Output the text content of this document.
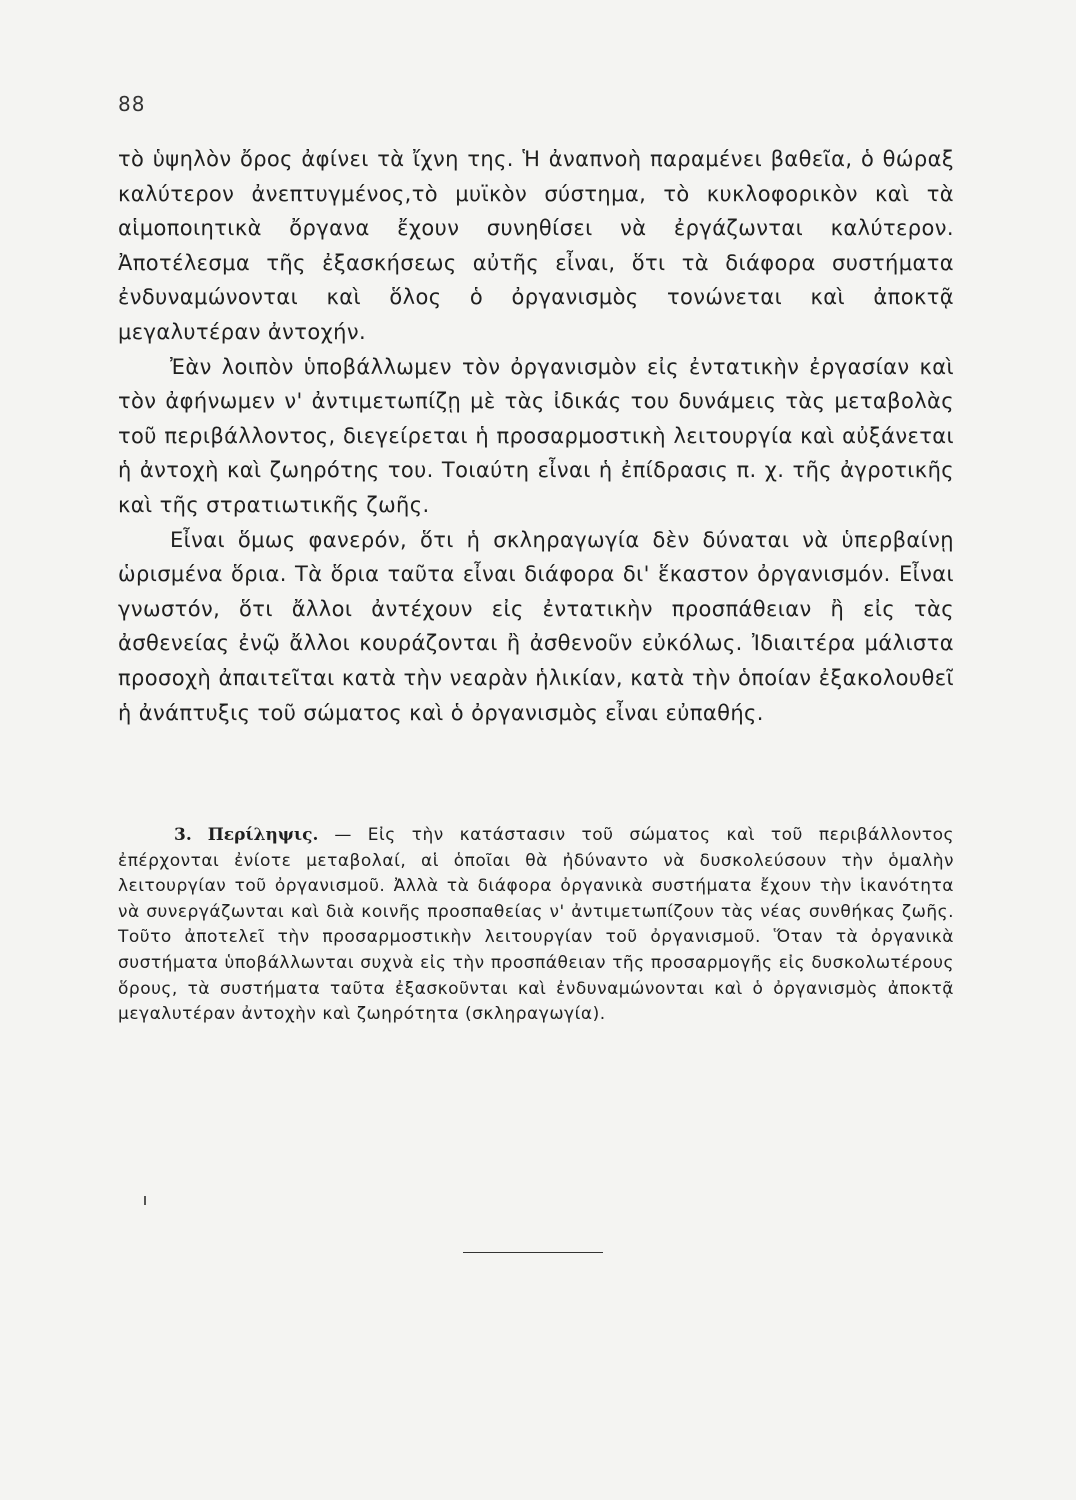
88

τὸ ὑψηλὸν ὄρος ἀφίνει τὰ ἴχνη της. Ἡ ἀναπνοὴ παραμένει βαθεῖα, ὁ θώραξ καλύτερον ἀνεπτυγμένος,τὸ μυϊκὸν σύστημα, τὸ κυκλοφορικὸν καὶ τὰ αἱμοποιητικὰ ὄργανα ἔχουν συνηθίσει νὰ ἐργάζωνται καλύτερον. Ἀποτέλεσμα τῆς ἐξασκήσεως αὐτῆς εἶναι, ὅτι τὰ διάφορα συστήματα ἐνδυναμώνονται καὶ ὅλος ὁ ὀργανισμὸς τονώνεται καὶ ἀποκτᾷ μεγαλυτέραν ἀντοχήν.

Ἐὰν λοιπὸν ὑποβάλλωμεν τὸν ὀργανισμὸν εἰς ἐντατικὴν ἐργασίαν καὶ τὸν ἀφήνωμεν ν' ἀντιμετωπίζῃ μὲ τὰς ἰδικάς του δυνάμεις τὰς μεταβολὰς τοῦ περιβάλλοντος, διεγείρεται ἡ προσαρμοστικὴ λειτουργία καὶ αὐξάνεται ἡ ἀντοχὴ καὶ ζωηρότης του. Τοιαύτη εἶναι ἡ ἐπίδρασις π. χ. τῆς ἀγροτικῆς καὶ τῆς στρατιωτικῆς ζωῆς.

Εἶναι ὅμως φανερόν, ὅτι ἡ σκληραγωγία δὲν δύναται νὰ ὑπερβαίνῃ ὡρισμένα ὅρια. Τὰ ὅρια ταῦτα εἶναι διάφορα δι' ἕκαστον ὀργανισμόν. Εἶναι γνωστόν, ὅτι ἄλλοι ἀντέχουν εἰς ἐντατικὴν προσπάθειαν ἢ εἰς τὰς ἀσθενείας ἐνῷ ἄλλοι κουράζονται ἢ ἀσθενοῦν εὐκόλως. Ἰδιαιτέρα μάλιστα προσοχὴ ἀπαιτεῖται κατὰ τὴν νεαρὰν ἡλικίαν, κατὰ τὴν ὁποίαν ἐξακολουθεῖ ἡ ἀνάπτυξις τοῦ σώματος καὶ ὁ ὀργανισμὸς εἶναι εὐπαθής.

3. Περίληψις. — Εἰς τὴν κατάστασιν τοῦ σώματος καὶ τοῦ περιβάλλοντος ἐπέρχονται ἐνίοτε μεταβολαί, αἱ ὁποῖαι θὰ ἠδύναντο νὰ δυσκολεύσουν τὴν ὁμαλὴν λειτουργίαν τοῦ ὀργανισμοῦ. Ἀλλὰ τὰ διάφορα ὀργανικὰ συστήματα ἔχουν τὴν ἱκανότητα νὰ συνεργάζωνται καὶ διὰ κοινῆς προσπαθείας ν' ἀντιμετωπίζουν τὰς νέας συνθήκας ζωῆς. Τοῦτο ἀποτελεῖ τὴν προσαρμοστικὴν λειτουργίαν τοῦ ὀργανισμοῦ. Ὅταν τὰ ὀργανικὰ συστήματα ὑποβάλλωνται συχνὰ εἰς τὴν προσπάθειαν τῆς προσαρμογῆς εἰς δυσκολωτέρους ὅρους, τὰ συστήματα ταῦτα ἐξασκοῦνται καὶ ἐνδυναμώνονται καὶ ὁ ὀργανισμὸς ἀποκτᾷ μεγαλυτέραν ἀντοχὴν καὶ ζωηρότητα (σκληραγωγία).
